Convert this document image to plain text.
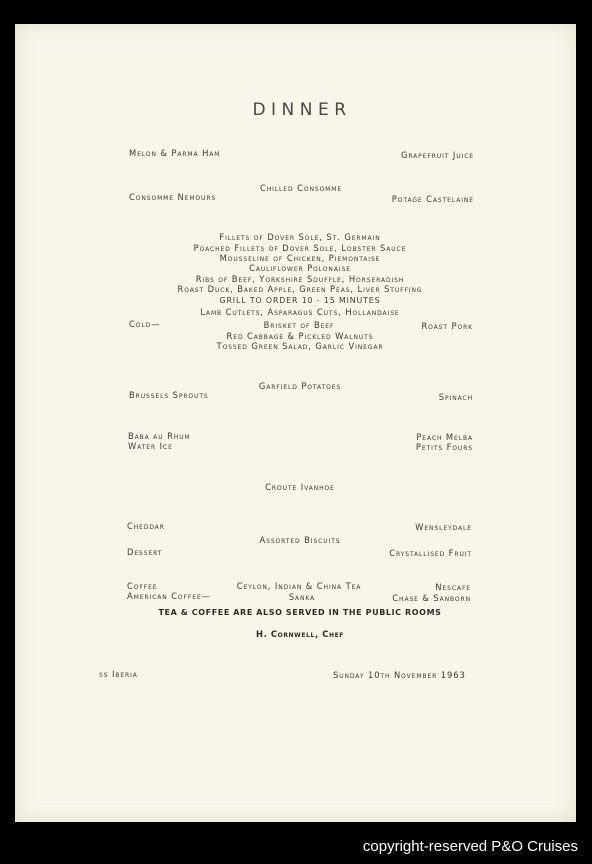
DINNER
Melon & Parma Ham	Grapefruit Juice
Chilled Consomme
Consomme Nemours	Potage Castelaine
Fillets of Dover Sole, St. Germain
Poached Fillets of Dover Sole, Lobster Sauce
Mousseline of Chicken, Piemontaise
Cauliflower Polonaise
Ribs of Beef, Yorkshire Souffle, Horseradish
Roast Duck, Baked Apple, Green Peas, Liver Stuffing
GRILL TO ORDER 10 - 15 MINUTES
Lamb Cutlets, Asparagus Cuts, Hollandaise
Cold—	Brisket of Beef	Roast Pork
Red Cabbage & Pickled Walnuts
Tossed Green Salad, Garlic Vinegar
Garfield Potatoes
Brussels Sprouts	Spinach
Baba au Rhum	Peach Melba
Water Ice	Petits Fours
Croute Ivanhoe
Cheddar	Wensleydale
Assorted Biscuits
Dessert	Crystallised Fruit
Coffee	Ceylon, Indian & China Tea	Nescafe
American Coffee—	Sanka	Chase & Sanborn
TEA & COFFEE ARE ALSO SERVED IN THE PUBLIC ROOMS
H. Cornwell, Chef
ss Iberia	Sunday 10th November 1963
copyright-reserved P&O Cruises
